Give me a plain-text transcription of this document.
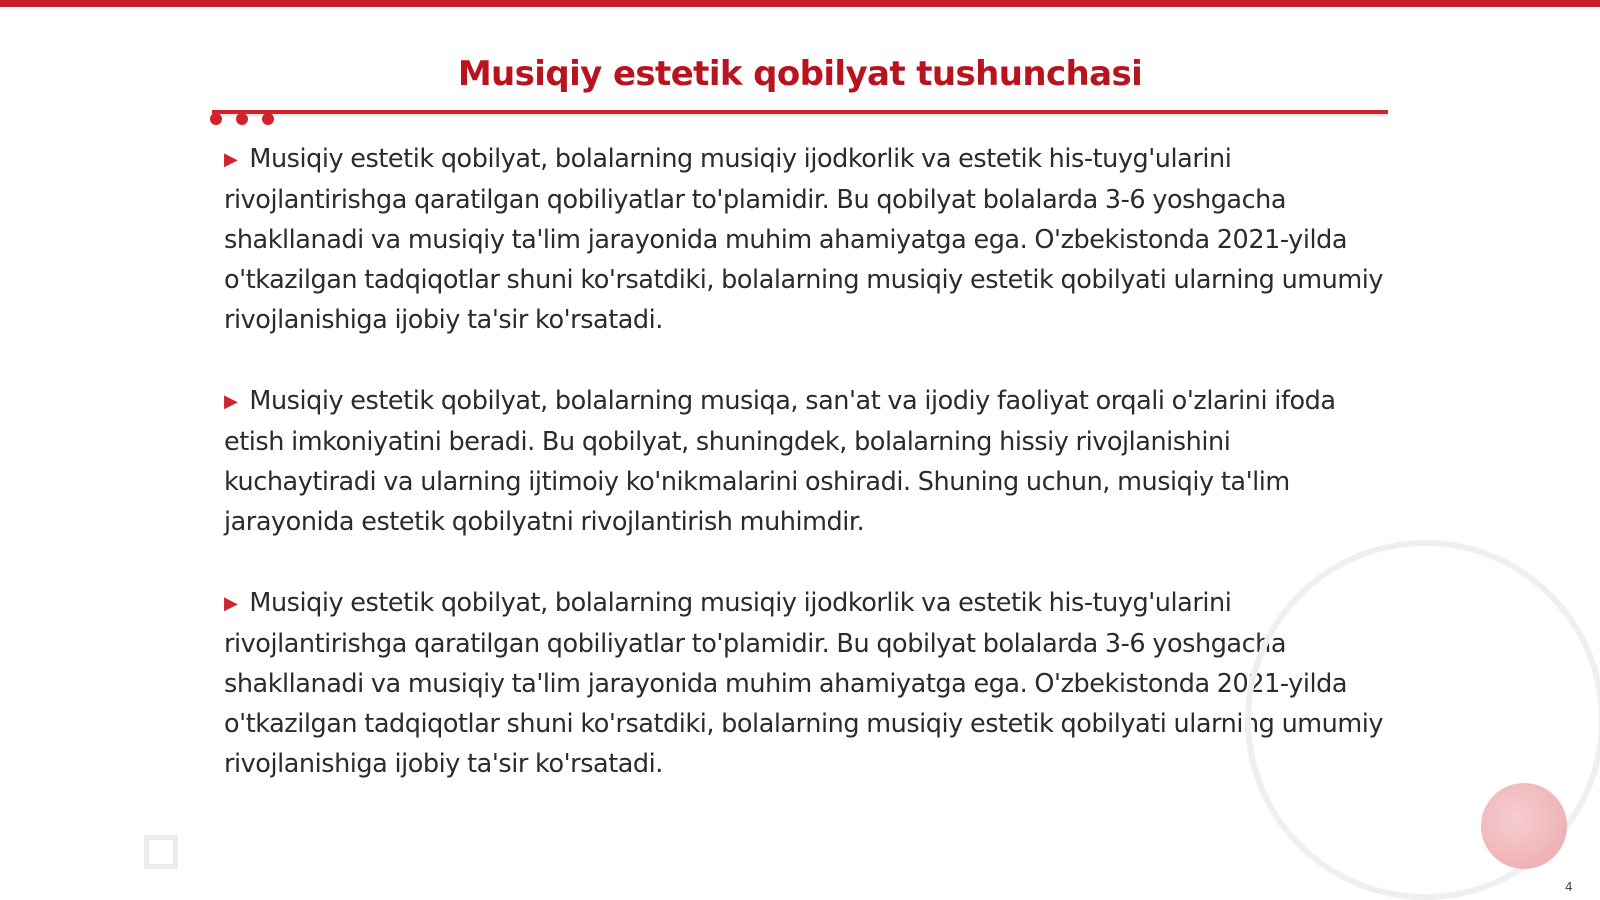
Musiqiy estetik qobilyat tushunchasi

▶ Musiqiy estetik qobilyat, bolalarning musiqiy ijodkorlik va estetik his-tuyg'ularini rivojlantirishga qaratilgan qobiliyatlar to'plamidir. Bu qobilyat bolalarda 3-6 yoshgacha shakllanadi va musiqiy ta'lim jarayonida muhim ahamiyatga ega. O'zbekistonda 2021-yilda o'tkazilgan tadqiqotlar shuni ko'rsatdiki, bolalarning musiqiy estetik qobilyati ularning umumiy rivojlanishiga ijobiy ta'sir ko'rsatadi.

▶ Musiqiy estetik qobilyat, bolalarning musiqa, san'at va ijodiy faoliyat orqali o'zlarini ifoda etish imkoniyatini beradi. Bu qobilyat, shuningdek, bolalarning hissiy rivojlanishini kuchaytiradi va ularning ijtimoiy ko'nikmalarini oshiradi. Shuning uchun, musiqiy ta'lim jarayonida estetik qobilyatni rivojlantirish muhimdir.

▶ Musiqiy estetik qobilyat, bolalarning musiqiy ijodkorlik va estetik his-tuyg'ularini rivojlantirishga qaratilgan qobiliyatlar to'plamidir. Bu qobilyat bolalarda 3-6 yoshgacha shakllanadi va musiqiy ta'lim jarayonida muhim ahamiyatga ega. O'zbekistonda 2021-yilda o'tkazilgan tadqiqotlar shuni ko'rsatdiki, bolalarning musiqiy estetik qobilyati ularning umumiy rivojlanishiga ijobiy ta'sir ko'rsatadi.

4
